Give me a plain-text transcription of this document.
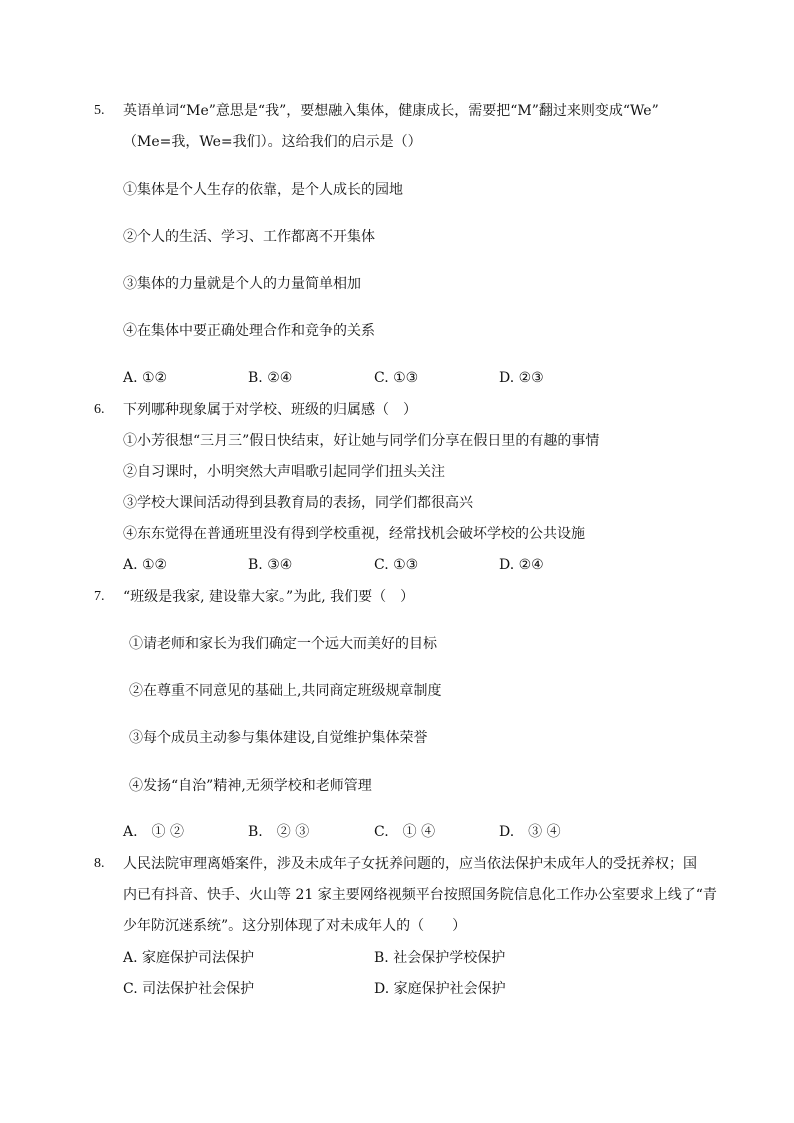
5. 英语单词“Me”意思是“我”，要想融入集体，健康成长，需要把“M”翻过来则变成“We”
（Me=我，We=我们）。这给我们的启示是（）
①集体是个人生存的依靠，是个人成长的园地
②个人的生活、学习、工作都离不开集体
③集体的力量就是个人的力量简单相加
④在集体中要正确处理合作和竞争的关系
A. ①②	B. ②④	C. ①③	D. ②③
6. 下列哪种现象属于对学校、班级的归属感（　）
①小芳很想“三月三”假日快结束，好让她与同学们分享在假日里的有趣的事情
②自习课时，小明突然大声唱歌引起同学们扭头关注
③学校大课间活动得到县教育局的表扬，同学们都很高兴
④东东觉得在普通班里没有得到学校重视，经常找机会破坏学校的公共设施
A. ①②	B. ③④	C. ①③	D. ②④
7. “班级是我家, 建设靠大家。”为此, 我们要（　）
①请老师和家长为我们确定一个远大而美好的目标
②在尊重不同意见的基础上,共同商定班级规章制度
③每个成员主动参与集体建设,自觉维护集体荣誉
④发扬“自治”精神,无须学校和老师管理
A.　① ②	B.　② ③	C.　① ④	D.　③ ④
8. 人民法院审理离婚案件，涉及未成年子女抚养问题的，应当依法保护未成年人的受抚养权；国
内已有抖音、快手、火山等 21 家主要网络视频平台按照国务院信息化工作办公室要求上线了“青
少年防沉迷系统”。这分别体现了对未成年人的（　　）
A. 家庭保护司法保护	B. 社会保护学校保护
C. 司法保护社会保护	D. 家庭保护社会保护
